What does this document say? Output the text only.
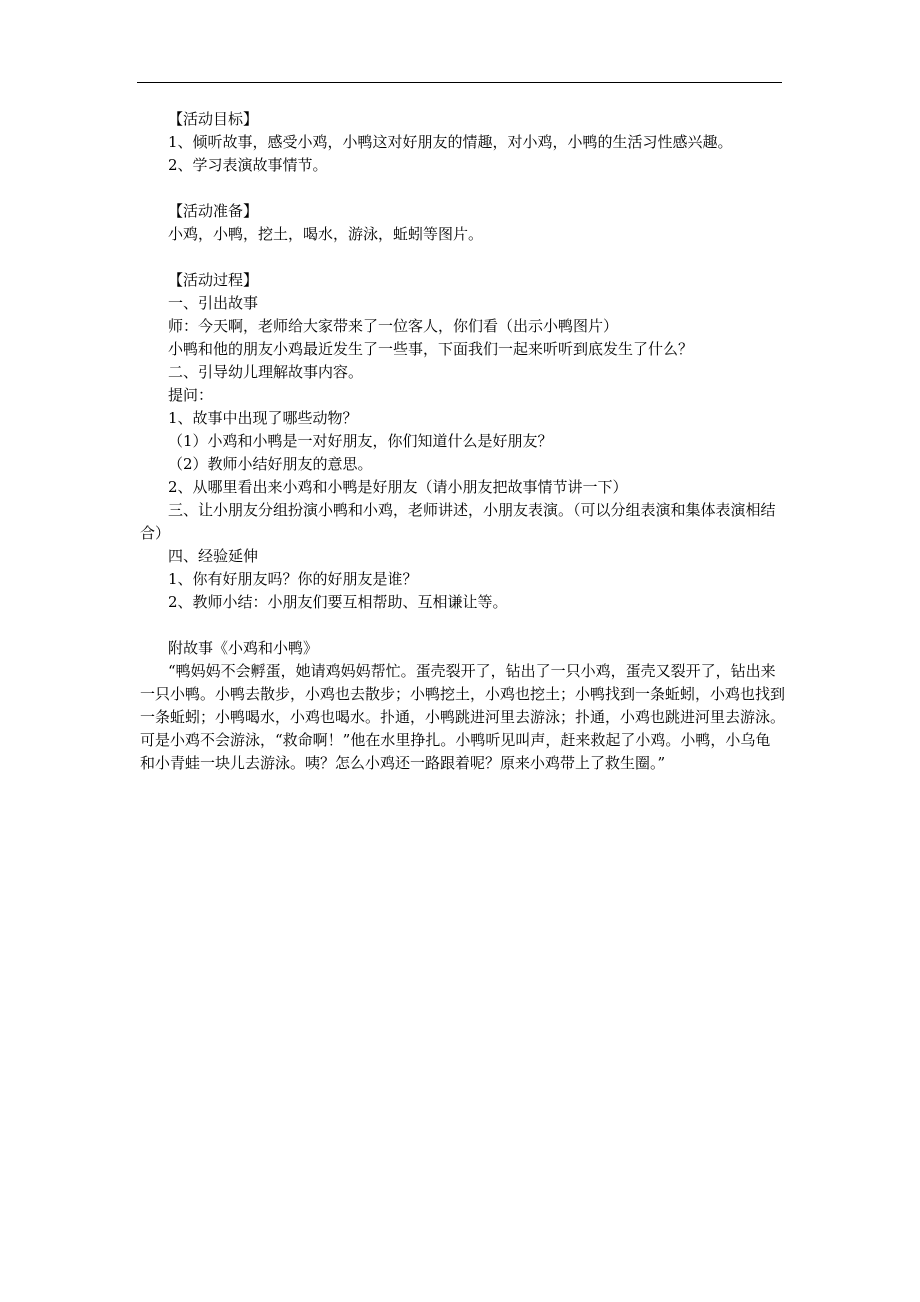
【活动目标】

1、倾听故事，感受小鸡，小鸭这对好朋友的情趣，对小鸡，小鸭的生活习性感兴趣。

2、学习表演故事情节。

【活动准备】

小鸡，小鸭，挖土，喝水，游泳，蚯蚓等图片。

【活动过程】

一、引出故事

师：今天啊，老师给大家带来了一位客人，你们看（出示小鸭图片）

小鸭和他的朋友小鸡最近发生了一些事，下面我们一起来听听到底发生了什么？

二、引导幼儿理解故事内容。

提问：

1、故事中出现了哪些动物？

（1）小鸡和小鸭是一对好朋友，你们知道什么是好朋友？

（2）教师小结好朋友的意思。

2、从哪里看出来小鸡和小鸭是好朋友（请小朋友把故事情节讲一下）

三、让小朋友分组扮演小鸭和小鸡，老师讲述，小朋友表演。（可以分组表演和集体表演相结合）

四、经验延伸

1、你有好朋友吗？你的好朋友是谁？

2、教师小结：小朋友们要互相帮助、互相谦让等。

附故事《小鸡和小鸭》

“鸭妈妈不会孵蛋，她请鸡妈妈帮忙。蛋壳裂开了，钻出了一只小鸡，蛋壳又裂开了，钻出来一只小鸭。小鸭去散步，小鸡也去散步；小鸭挖土，小鸡也挖土；小鸭找到一条蚯蚓，小鸡也找到一条蚯蚓；小鸭喝水，小鸡也喝水。扑通，小鸭跳进河里去游泳；扑通，小鸡也跳进河里去游泳。可是小鸡不会游泳，“救命啊！”他在水里挣扎。小鸭听见叫声，赶来救起了小鸡。小鸭，小乌龟和小青蛙一块儿去游泳。咦？怎么小鸡还一路跟着呢？原来小鸡带上了救生圈。”
